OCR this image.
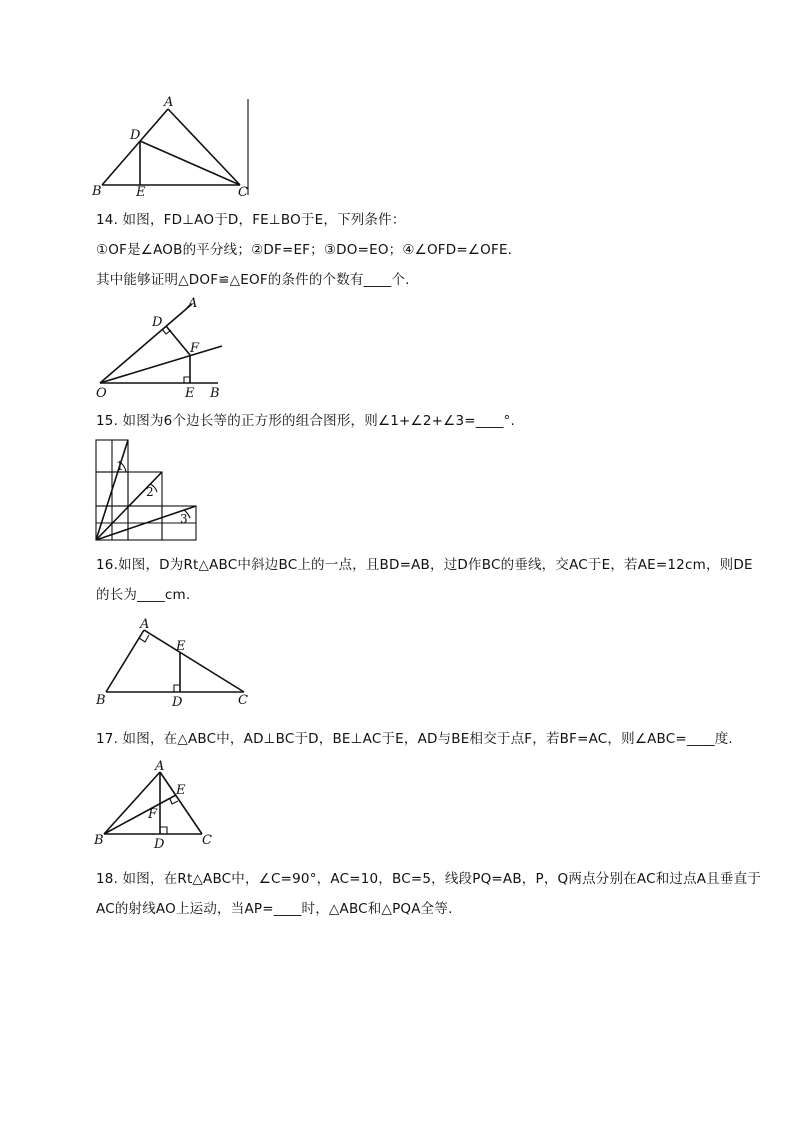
A
D
B	E	C
14. 如图，FD⊥AO于D，FE⊥BO于E，下列条件：
①OF是∠AOB的平分线；②DF=EF；③DO=EO；④∠OFD=∠OFE.
其中能够证明△DOF≌△EOF的条件的个数有____个.
A
D
F
O	E B
15. 如图为6个边长等的正方形的组合图形，则∠1+∠2+∠3=____°.
1
2
3
16.如图，D为Rt△ABC中斜边BC上的一点，且BD=AB，过D作BC的垂线，交AC于E，若AE=12cm，则DE
的长为____cm.
A
E
B	D	C
17. 如图，在△ABC中，AD⊥BC于D，BE⊥AC于E，AD与BE相交于点F，若BF=AC，则∠ABC=____度.
A
E
F
B	D	C
18. 如图，在Rt△ABC中，∠C=90°，AC=10，BC=5，线段PQ=AB，P，Q两点分别在AC和过点A且垂直于
AC的射线AO上运动，当AP=____时，△ABC和△PQA全等.
